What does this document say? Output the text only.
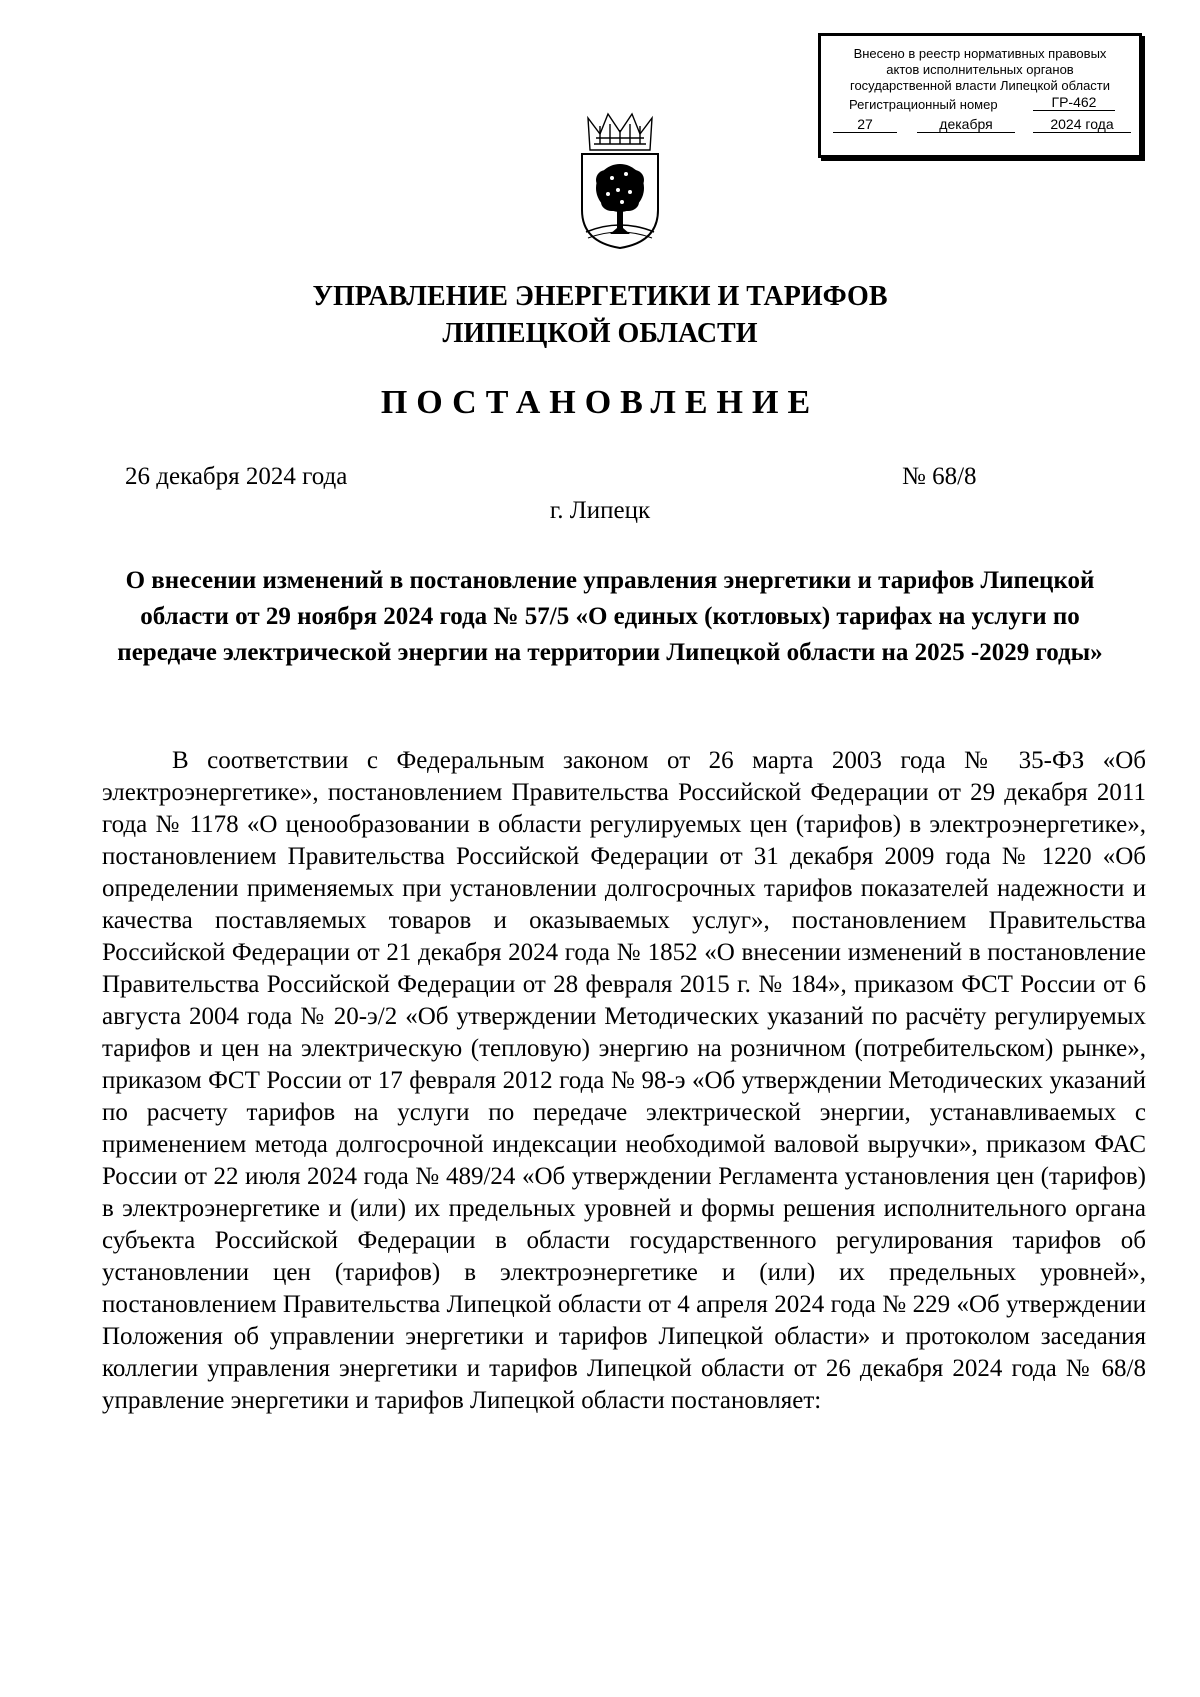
Внесено в реестр нормативных правовых
актов исполнительных органов
государственной власти Липецкой области
Регистрационный номер	ГР-462
27	декабря	2024 года
УПРАВЛЕНИЕ ЭНЕРГЕТИКИ И ТАРИФОВ
ЛИПЕЦКОЙ ОБЛАСТИ
ПОСТАНОВЛЕНИЕ
26 декабря 2024 года	№ 68/8
г. Липецк
О внесении изменений в постановление управления энергетики и тарифов Липецкой области от 29 ноября 2024 года № 57/5 «О единых (котловых) тарифах на услуги по передаче электрической энергии на территории Липецкой области на 2025 -2029 годы»

В соответствии с Федеральным законом от 26 марта 2003 года № 35-ФЗ «Об электроэнергетике», постановлением Правительства Российской Федерации от 29 декабря 2011 года № 1178 «О ценообразовании в области регулируемых цен (тарифов) в электроэнергетике», постановлением Правительства Российской Федерации от 31 декабря 2009 года № 1220 «Об определении применяемых при установлении долгосрочных тарифов показателей надежности и качества поставляемых товаров и оказываемых услуг», постановлением Правительства Российской Федерации от 21 декабря 2024 года № 1852 «О внесении изменений в постановление Правительства Российской Федерации от 28 февраля 2015 г. № 184», приказом ФСТ России от 6 августа 2004 года № 20-э/2 «Об утверждении Методических указаний по расчёту регулируемых тарифов и цен на электрическую (тепловую) энергию на розничном (потребительском) рынке», приказом ФСТ России от 17 февраля 2012 года № 98-э «Об утверждении Методических указаний по расчету тарифов на услуги по передаче электрической энергии, устанавливаемых с применением метода долгосрочной индексации необходимой валовой выручки», приказом ФАС России от 22 июля 2024 года № 489/24 «Об утверждении Регламента установления цен (тарифов) в электроэнергетике и (или) их предельных уровней и формы решения исполнительного органа субъекта Российской Федерации в области государственного регулирования тарифов об установлении цен (тарифов) в электроэнергетике и (или) их предельных уровней», постановлением Правительства Липецкой области от 4 апреля 2024 года № 229 «Об утверждении Положения об управлении энергетики и тарифов Липецкой области» и протоколом заседания коллегии управления энергетики и тарифов Липецкой области от 26 декабря 2024 года № 68/8 управление энергетики и тарифов Липецкой области постановляет:
